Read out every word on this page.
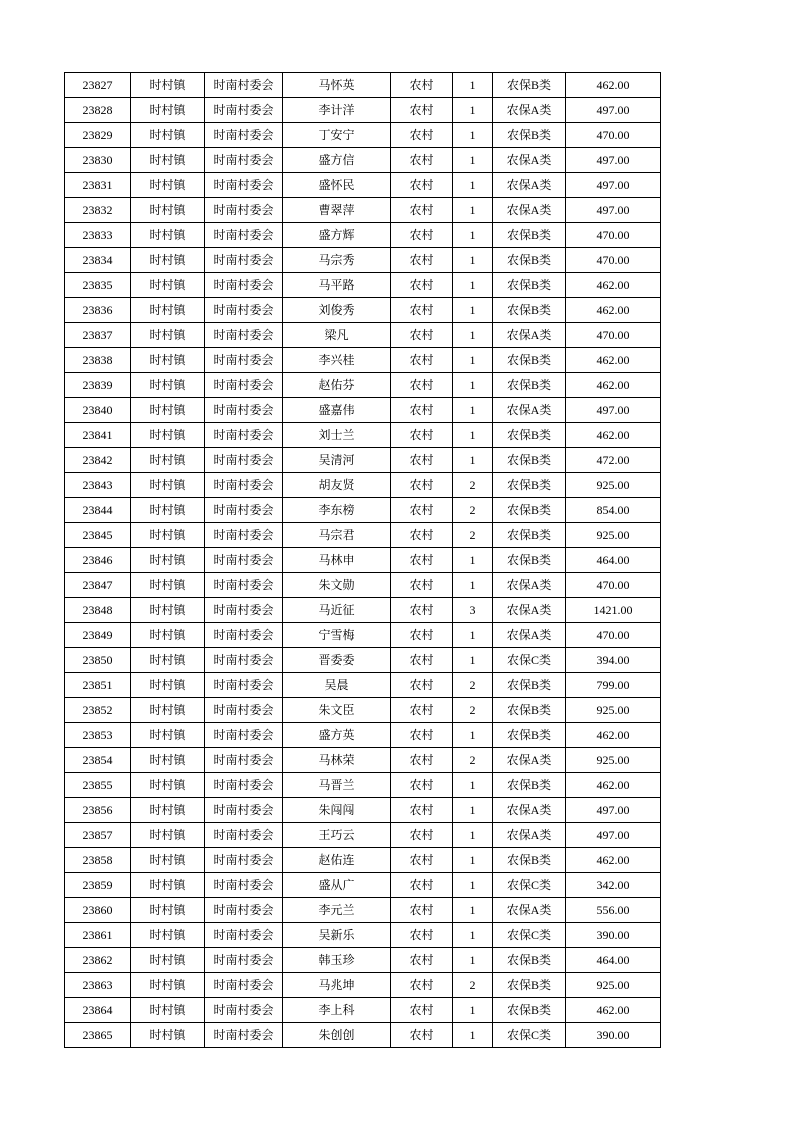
23827	时村镇	时南村委会	马怀英	农村	1	农保B类	462.00
23828	时村镇	时南村委会	李计洋	农村	1	农保A类	497.00
23829	时村镇	时南村委会	丁安宁	农村	1	农保B类	470.00
23830	时村镇	时南村委会	盛方信	农村	1	农保A类	497.00
23831	时村镇	时南村委会	盛怀民	农村	1	农保A类	497.00
23832	时村镇	时南村委会	曹翠萍	农村	1	农保A类	497.00
23833	时村镇	时南村委会	盛方辉	农村	1	农保B类	470.00
23834	时村镇	时南村委会	马宗秀	农村	1	农保B类	470.00
23835	时村镇	时南村委会	马平路	农村	1	农保B类	462.00
23836	时村镇	时南村委会	刘俊秀	农村	1	农保B类	462.00
23837	时村镇	时南村委会	梁凡	农村	1	农保A类	470.00
23838	时村镇	时南村委会	李兴桂	农村	1	农保B类	462.00
23839	时村镇	时南村委会	赵佑芬	农村	1	农保B类	462.00
23840	时村镇	时南村委会	盛嘉伟	农村	1	农保A类	497.00
23841	时村镇	时南村委会	刘士兰	农村	1	农保B类	462.00
23842	时村镇	时南村委会	吴清河	农村	1	农保B类	472.00
23843	时村镇	时南村委会	胡友贤	农村	2	农保B类	925.00
23844	时村镇	时南村委会	李东榜	农村	2	农保B类	854.00
23845	时村镇	时南村委会	马宗君	农村	2	农保B类	925.00
23846	时村镇	时南村委会	马林申	农村	1	农保B类	464.00
23847	时村镇	时南村委会	朱文勋	农村	1	农保A类	470.00
23848	时村镇	时南村委会	马近征	农村	3	农保A类	1421.00
23849	时村镇	时南村委会	宁雪梅	农村	1	农保A类	470.00
23850	时村镇	时南村委会	晋委委	农村	1	农保C类	394.00
23851	时村镇	时南村委会	吴晨	农村	2	农保B类	799.00
23852	时村镇	时南村委会	朱文臣	农村	2	农保B类	925.00
23853	时村镇	时南村委会	盛方英	农村	1	农保B类	462.00
23854	时村镇	时南村委会	马林荣	农村	2	农保A类	925.00
23855	时村镇	时南村委会	马晋兰	农村	1	农保B类	462.00
23856	时村镇	时南村委会	朱闯闯	农村	1	农保A类	497.00
23857	时村镇	时南村委会	王巧云	农村	1	农保A类	497.00
23858	时村镇	时南村委会	赵佑连	农村	1	农保B类	462.00
23859	时村镇	时南村委会	盛从广	农村	1	农保C类	342.00
23860	时村镇	时南村委会	李元兰	农村	1	农保A类	556.00
23861	时村镇	时南村委会	吴新乐	农村	1	农保C类	390.00
23862	时村镇	时南村委会	韩玉珍	农村	1	农保B类	464.00
23863	时村镇	时南村委会	马兆坤	农村	2	农保B类	925.00
23864	时村镇	时南村委会	李上科	农村	1	农保B类	462.00
23865	时村镇	时南村委会	朱创创	农村	1	农保C类	390.00
